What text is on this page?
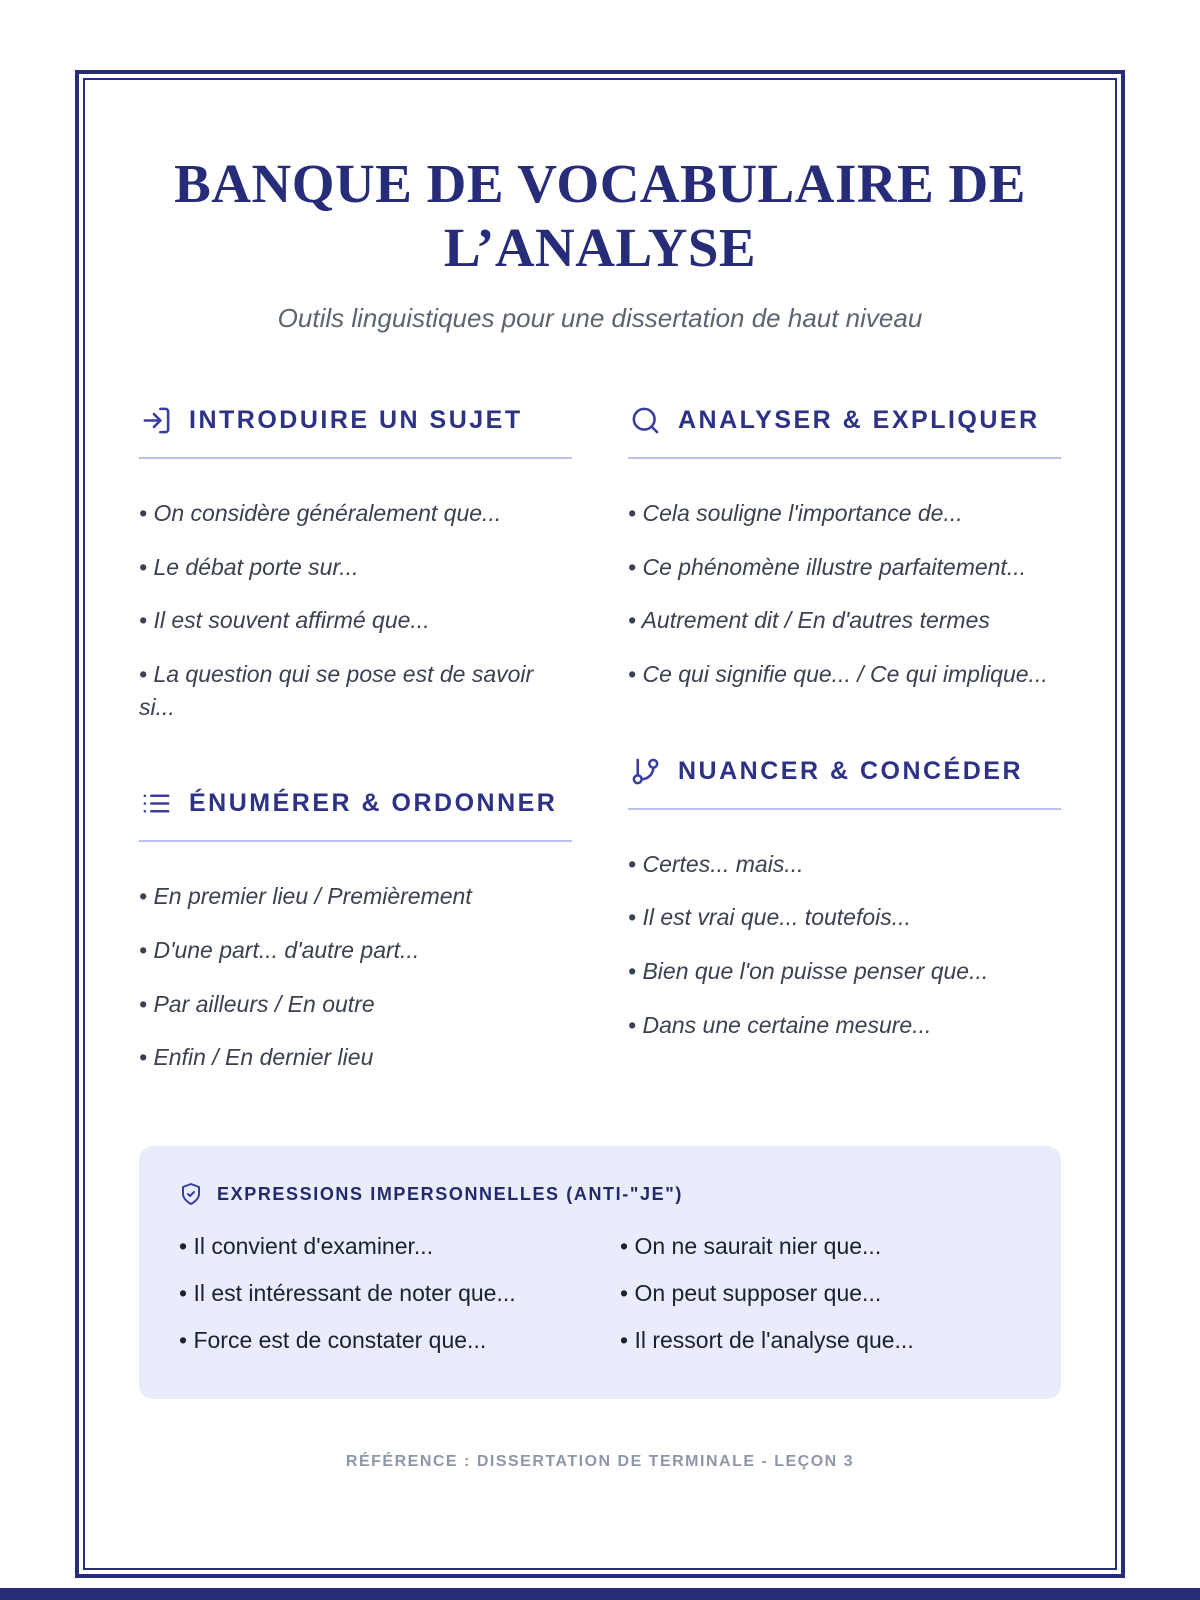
BANQUE DE VOCABULAIRE DE L’ANALYSE

Outils linguistiques pour une dissertation de haut niveau

INTRODUIRE UN SUJET
• On considère généralement que...
• Le débat porte sur...
• Il est souvent affirmé que...
• La question qui se pose est de savoir si...
ÉNUMÉRER & ORDONNER
• En premier lieu / Premièrement
• D'une part... d'autre part...
• Par ailleurs / En outre
• Enfin / En dernier lieu
ANALYSER & EXPLIQUER
• Cela souligne l'importance de...
• Ce phénomène illustre parfaitement...
• Autrement dit / En d'autres termes
• Ce qui signifie que... / Ce qui implique...
NUANCER & CONCÉDER
• Certes... mais...
• Il est vrai que... toutefois...
• Bien que l'on puisse penser que...
• Dans une certaine mesure...
EXPRESSIONS IMPERSONNELLES (ANTI-"JE")
• Il convient d'examiner...
• Il est intéressant de noter que...
• Force est de constater que...
• On ne saurait nier que...
• On peut supposer que...
• Il ressort de l'analyse que...

RÉFÉRENCE : DISSERTATION DE TERMINALE - LEÇON 3
